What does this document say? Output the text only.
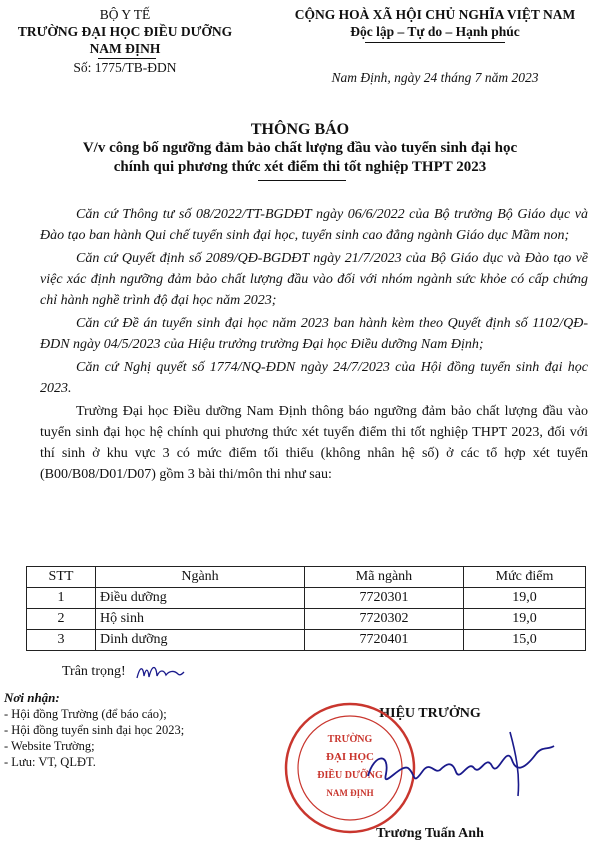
BỘ Y TẾ
TRƯỜNG ĐẠI HỌC ĐIỀU DƯỠNG
NAM ĐỊNH
Số: 1775/TB-ĐDN
CỘNG HOÀ XÃ HỘI CHỦ NGHĨA VIỆT NAM
Độc lập – Tự do – Hạnh phúc
Nam Định, ngày 24 tháng 7 năm 2023
THÔNG BÁO
V/v công bố ngưỡng đảm bảo chất lượng đầu vào tuyển sinh đại học
chính qui phương thức xét điểm thi tốt nghiệp THPT 2023

Căn cứ Thông tư số 08/2022/TT-BGDĐT ngày 06/6/2022 của Bộ trưởng Bộ Giáo dục và Đào tạo ban hành Qui chế tuyển sinh đại học, tuyển sinh cao đẳng ngành Giáo dục Mầm non;

Căn cứ Quyết định số 2089/QĐ-BGDĐT ngày 21/7/2023 của Bộ Giáo dục và Đào tạo về việc xác định ngưỡng đảm bảo chất lượng đầu vào đối với nhóm ngành sức khỏe có cấp chứng chỉ hành nghề trình độ đại học năm 2023;

Căn cứ Đề án tuyển sinh đại học năm 2023 ban hành kèm theo Quyết định số 1102/QĐ-ĐDN ngày 04/5/2023 của Hiệu trưởng trường Đại học Điều dưỡng Nam Định;

Căn cứ Nghị quyết số 1774/NQ-ĐDN ngày 24/7/2023 của Hội đồng tuyển sinh đại học 2023.

Trường Đại học Điều dưỡng Nam Định thông báo ngưỡng đảm bảo chất lượng đầu vào tuyển sinh đại học hệ chính qui phương thức xét tuyển điểm thi tốt nghiệp THPT 2023, đối với thí sinh ở khu vực 3 có mức điểm tối thiểu (không nhân hệ số) ở các tổ hợp xét tuyển (B00/B08/D01/D07) gồm 3 bài thi/môn thi như sau:

STT	Ngành	Mã ngành	Mức điểm
1	Điều dưỡng	7720301	19,0
2	Hộ sinh	7720302	19,0
3	Dinh dưỡng	7720401	15,0
Trân trọng!
Nơi nhận:
- Hội đồng Trường (để báo cáo);
- Hội đồng tuyển sinh đại học 2023;
- Website Trường;
- Lưu: VT, QLĐT.
HIỆU TRƯỞNG
TRƯỜNG
ĐẠI HỌC
ĐIỀU DƯỠNG
NAM ĐỊNH
Trương Tuấn Anh
